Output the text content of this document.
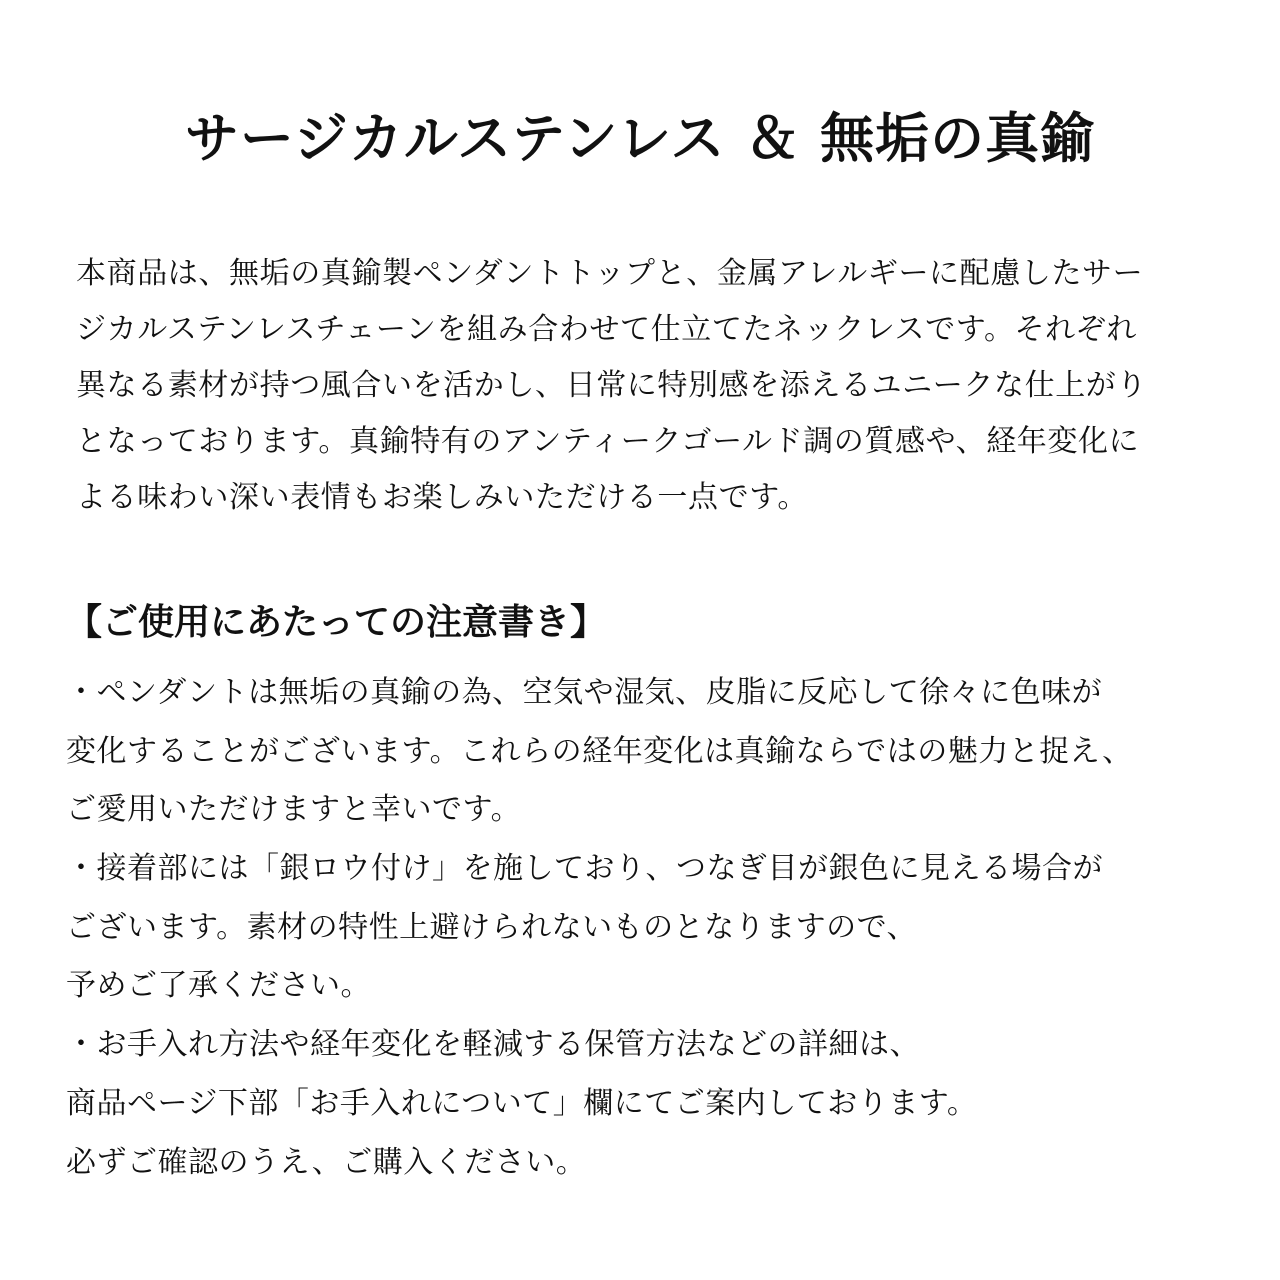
サージカルステンレス ＆ 無垢の真鍮
本商品は、無垢の真鍮製ペンダントトップと、金属アレルギーに配慮したサー
ジカルステンレスチェーンを組み合わせて仕立てたネックレスです。それぞれ
異なる素材が持つ風合いを活かし、日常に特別感を添えるユニークな仕上がり
となっております。真鍮特有のアンティークゴールド調の質感や、経年変化に
よる味わい深い表情もお楽しみいただける一点です。
【ご使用にあたっての注意書き】
・ペンダントは無垢の真鍮の為、空気や湿気、皮脂に反応して徐々に色味が
変化することがございます。これらの経年変化は真鍮ならではの魅力と捉え、
ご愛用いただけますと幸いです。
・接着部には「銀ロウ付け」を施しており、つなぎ目が銀色に見える場合が
ございます。素材の特性上避けられないものとなりますので、
予めご了承ください。
・お手入れ方法や経年変化を軽減する保管方法などの詳細は、
商品ページ下部「お手入れについて」欄にてご案内しております。
必ずご確認のうえ、ご購入ください。
